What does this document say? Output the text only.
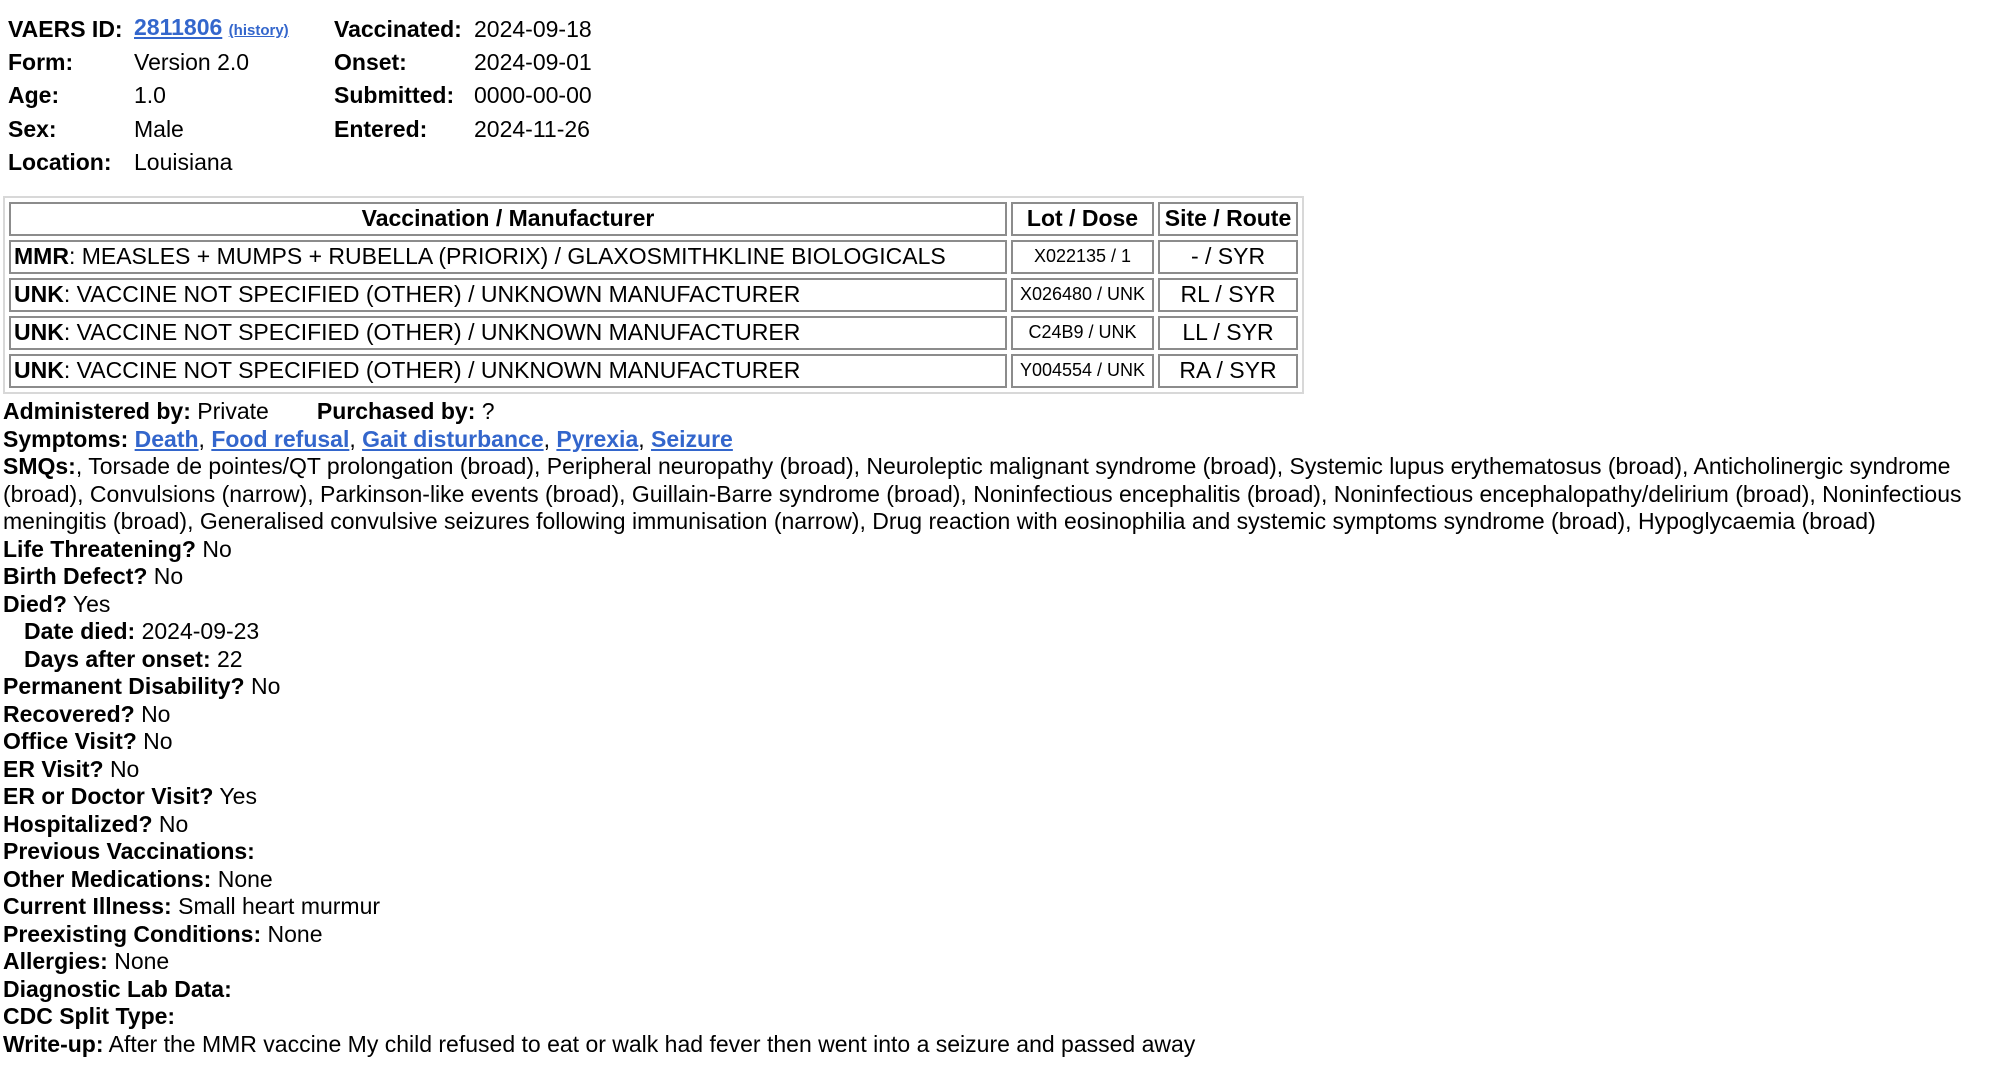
VAERS ID:	2811806 (history)	Vaccinated:	2024-09-18
Form:	Version 2.0	Onset:	2024-09-01
Age:	1.0	Submitted:	0000-00-00
Sex:	Male	Entered:	2024-11-26
Location:	Louisiana		
Vaccination / Manufacturer	Lot / Dose	Site / Route
MMR: MEASLES + MUMPS + RUBELLA (PRIORIX) / GLAXOSMITHKLINE BIOLOGICALS	X022135 / 1	- / SYR
UNK: VACCINE NOT SPECIFIED (OTHER) / UNKNOWN MANUFACTURER	X026480 / UNK	RL / SYR
UNK: VACCINE NOT SPECIFIED (OTHER) / UNKNOWN MANUFACTURER	C24B9 / UNK	LL / SYR
UNK: VACCINE NOT SPECIFIED (OTHER) / UNKNOWN MANUFACTURER	Y004554 / UNK	RA / SYR
Administered by: Private Purchased by: ?
Symptoms: Death, Food refusal, Gait disturbance, Pyrexia, Seizure
SMQs:, Torsade de pointes/QT prolongation (broad), Peripheral neuropathy (broad), Neuroleptic malignant syndrome (broad), Systemic lupus erythematosus (broad), Anticholinergic syndrome (broad), Convulsions (narrow), Parkinson-like events (broad), Guillain-Barre syndrome (broad), Noninfectious encephalitis (broad), Noninfectious encephalopathy/delirium (broad), Noninfectious meningitis (broad), Generalised convulsive seizures following immunisation (narrow), Drug reaction with eosinophilia and systemic symptoms syndrome (broad), Hypoglycaemia (broad)
Life Threatening? No
Birth Defect? No
Died? Yes
Date died: 2024-09-23
Days after onset: 22
Permanent Disability? No
Recovered? No
Office Visit? No
ER Visit? No
ER or Doctor Visit? Yes
Hospitalized? No
Previous Vaccinations:
Other Medications: None
Current Illness: Small heart murmur
Preexisting Conditions: None
Allergies: None
Diagnostic Lab Data:
CDC Split Type:
Write-up: After the MMR vaccine My child refused to eat or walk had fever then went into a seizure and passed away
